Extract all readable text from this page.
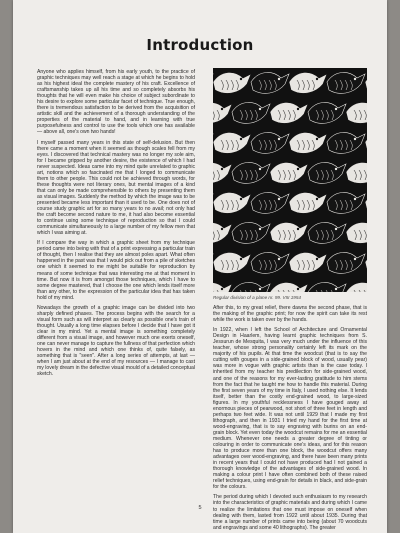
Introduction

Anyone who applies himself, from his early youth, to the practice of graphic techniques may well reach a stage at which he begins to hold as his highest ideal the complete mastery of his craft. Excellence of craftsmanship takes up all his time and so completely absorbs his thoughts that he will even make his choice of subject subordinate to his desire to explore some particular facet of technique. True enough, there is tremendous satisfaction to be derived from the acquisition of artistic skill and the achievement of a thorough understanding of the properties of the material to hand, and in learning with true purposefulness and control to use the tools which one has available — above all, one's own two hands!

I myself passed many years in this state of self-delusion. But then there came a moment when it seemed as though scales fell from my eyes. I discovered that technical mastery was no longer my sole aim, for I became gripped by another desire, the existence of which I had never suspected. Ideas came into my mind quite unrelated to graphic art, notions which so fascinated me that I longed to communicate them to other people. This could not be achieved through words, for these thoughts were not literary ones, but mental images of a kind that can only be made comprehensible to others by presenting them as visual images. Suddenly the method by which the image was to be presented became less important than it used to be. One does not of course study graphic art for so many years to no avail; not only had the craft become second nature to me, it had also become essential to continue using some technique of reproduction so that I could communicate simultaneously to a large number of my fellow men that which I was aiming at.

If I compare the way in which a graphic sheet from my technique period came into being with that of a print expressing a particular train of thought, then I realise that they are almost poles apart. What often happened in the past was that I would pick out from a pile of sketches one which it seemed to me might be suitable for reproduction by means of some technique that was interesting me at that moment in time. But now it is from amongst those techniques, which I have to some degree mastered, that I choose the one which lends itself more than any other, to the expression of the particular idea that has taken hold of my mind.

Nowadays the growth of a graphic image can be divided into two sharply defined phases. The process begins with the search for a visual form such as will interpret as clearly as possible one's train of thought. Usually a long time elapses before I decide that I have got it clear in my mind. Yet a mental image is something completely different from a visual image, and however much one exerts oneself, one can never manage to capture the fullness of that perfection which hovers in the mind and which one thinks of, quite falsely, as something that is "seen". After a long series of attempts, at last — when I am just about at the end of my resources — I manage to cast my lovely dream in the defective visual mould of a detailed conceptual sketch.

Regular division of a plane nr. 99. VIII 1954

After this, to my great relief, there dawns the second phase, that is the making of the graphic print; for now the spirit can take its rest while the work is taken over by the hands.

In 1922, when I left the School of Architecture and Ornamental Design in Haarlem, having learnt graphic techniques from S. Jessurun de Mesquita, I was very much under the influence of this teacher, whose strong personality certainly left its mark on the majority of his pupils. At that time the woodcut (that is to say the cutting with gouges in a side-grained block of wood, usually pear) was more in vogue with graphic artists than is the case today. I inherited from my teacher his predilection for side-grained wood, and one of the reasons for my ever-lasting gratitude to him stems from the fact that he taught me how to handle this material. During the first seven years of my time in Italy, I used nothing else. It lends itself, better than the costly end-grained wood, to large-sized figures. In my youthful recklessness I have gouged away at enormous pieces of pearwood, not short of three feet in length and perhaps two feet wide. It was not until 1929 that I made my first lithograph, and then in 1931 I tried my hand for the first time at wood-engraving, that is to say engraving with burins on an end-grain block. Yet even today the woodcut remains for me an essential medium. Whenever one needs a greater degree of tinting or colouring in order to communicate one's ideas, and for this reason has to produce more than one block, the woodcut offers many advantages over wood-engraving, and there have been many prints in recent years that I could not have produced had I not gained a thorough knowledge of the advantages of side-grained wood. In making a colour print I have often combined both of these raised relief techniques, using end-grain for details in black, and side-grain for the colours.

The period during which I devoted such enthusiasm to my research into the characteristics of graphic materials and during which I came to realize the limitations that one must impose on oneself when dealing with them, lasted from 1922 until about 1935. During that time a large number of prints came into being (about 70 woodcuts and engravings and some 40 lithographs). The greater

5
